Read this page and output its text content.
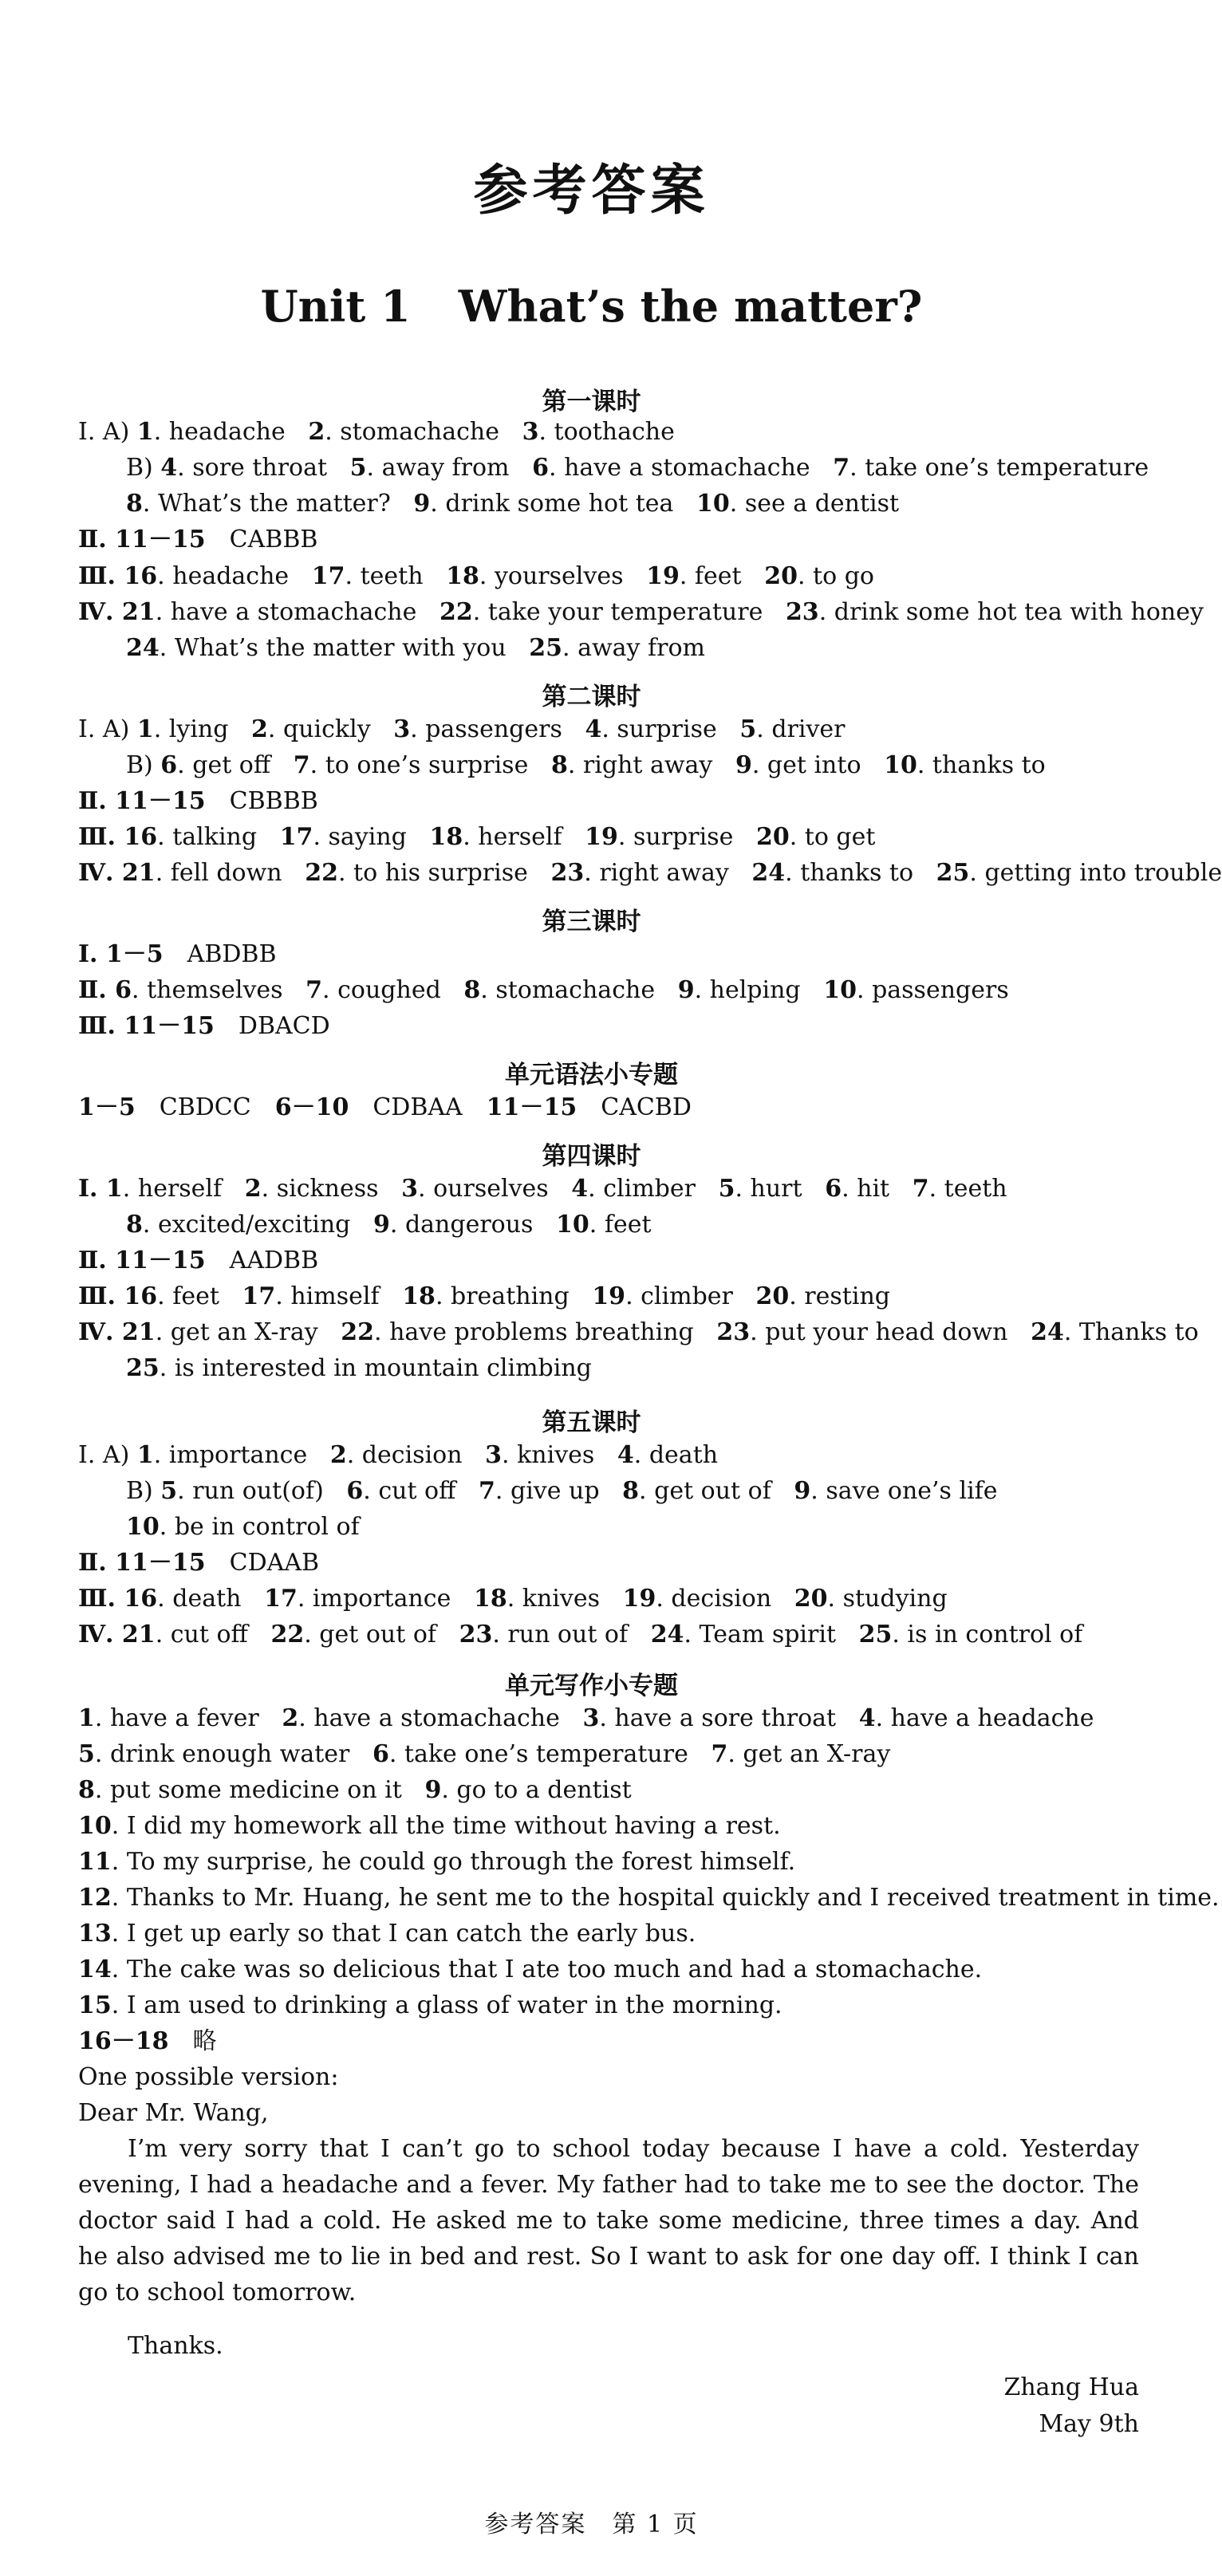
参考答案
Unit 1 What’s the matter?
第一课时
Ⅰ. A) 1. headache   2. stomachache   3. toothache
B) 4. sore throat   5. away from   6. have a stomachache   7. take one’s temperature
8. What’s the matter?   9. drink some hot tea   10. see a dentist
Ⅱ. 11－15　CABBB
Ⅲ. 16. headache   17. teeth   18. yourselves   19. feet   20. to go
Ⅳ. 21. have a stomachache   22. take your temperature   23. drink some hot tea with honey
24. What’s the matter with you   25. away from
第二课时
Ⅰ. A) 1. lying   2. quickly   3. passengers   4. surprise   5. driver
B) 6. get off   7. to one’s surprise   8. right away   9. get into   10. thanks to
Ⅱ. 11－15　CBBBB
Ⅲ. 16. talking   17. saying   18. herself   19. surprise   20. to get
Ⅳ. 21. fell down   22. to his surprise   23. right away   24. thanks to   25. getting into trouble
第三课时
Ⅰ. 1－5　ABDBB
Ⅱ. 6. themselves   7. coughed   8. stomachache   9. helping   10. passengers
Ⅲ. 11－15　DBACD
单元语法小专题
1－5　CBDCC　6－10　CDBAA　11－15　CACBD
第四课时
Ⅰ. 1. herself   2. sickness   3. ourselves   4. climber   5. hurt   6. hit   7. teeth
8. excited/exciting   9. dangerous   10. feet
Ⅱ. 11－15　AADBB
Ⅲ. 16. feet   17. himself   18. breathing   19. climber   20. resting
Ⅳ. 21. get an X-ray   22. have problems breathing   23. put your head down   24. Thanks to
25. is interested in mountain climbing
第五课时
Ⅰ. A) 1. importance   2. decision   3. knives   4. death
B) 5. run out(of)   6. cut off   7. give up   8. get out of   9. save one’s life
10. be in control of
Ⅱ. 11－15　CDAAB
Ⅲ. 16. death   17. importance   18. knives   19. decision   20. studying
Ⅳ. 21. cut off   22. get out of   23. run out of   24. Team spirit   25. is in control of
单元写作小专题
1. have a fever   2. have a stomachache   3. have a sore throat   4. have a headache
5. drink enough water   6. take one’s temperature   7. get an X-ray
8. put some medicine on it   9. go to a dentist
10. I did my homework all the time without having a rest.
11. To my surprise, he could go through the forest himself.
12. Thanks to Mr. Huang, he sent me to the hospital quickly and I received treatment in time.
13. I get up early so that I can catch the early bus.
14. The cake was so delicious that I ate too much and had a stomachache.
15. I am used to drinking a glass of water in the morning.
16－18　略
One possible version:
Dear Mr. Wang,
I’m very sorry that I can’t go to school today because I have a cold. Yesterday evening, I had a headache and a fever. My father had to take me to see the doctor. The doctor said I had a cold. He asked me to take some medicine, three times a day. And he also advised me to lie in bed and rest. So I want to ask for one day off. I think I can go to school tomorrow.
Thanks.
Zhang Hua
May 9th
参考答案　第 1 页
